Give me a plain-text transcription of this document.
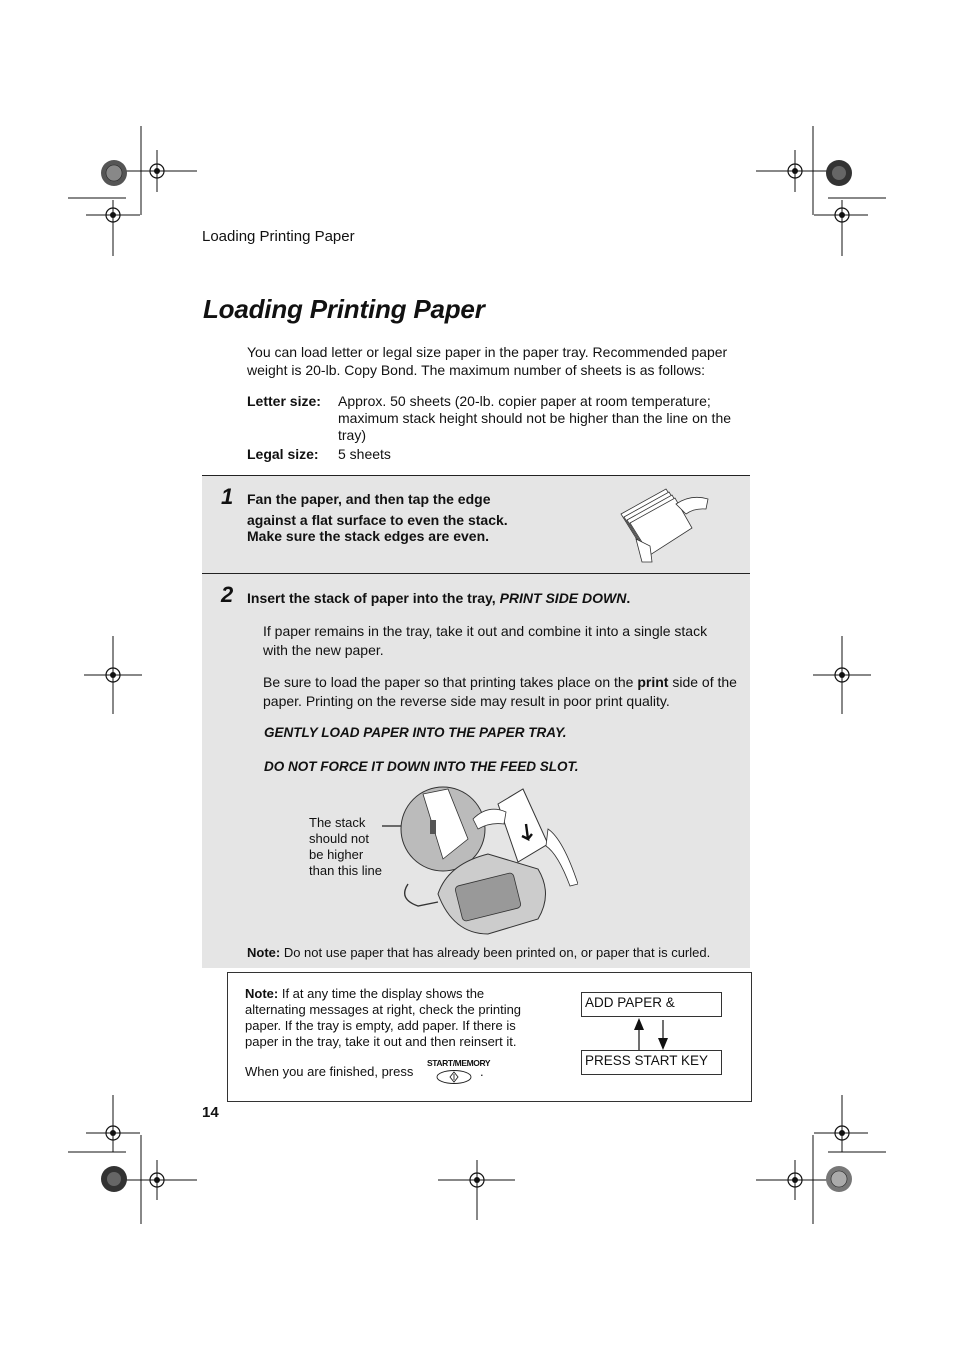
Loading Printing Paper
Loading Printing Paper
You can load letter or legal size paper in the paper tray. Recommended paper weight is 20-lb. Copy Bond. The maximum number of sheets is as follows:
Letter size: Approx. 50 sheets (20-lb. copier paper at room temperature; maximum stack height should not be higher than the line on the tray)
Legal size: 5 sheets
1 Fan the paper, and then tap the edge
against a flat surface to even the stack.
Make sure the stack edges are even.
2 Insert the stack of paper into the tray, PRINT SIDE DOWN.
If paper remains in the tray, take it out and combine it into a single stack with the new paper.
Be sure to load the paper so that printing takes place on the print side of the paper. Printing on the reverse side may result in poor print quality.
GENTLY LOAD PAPER INTO THE PAPER TRAY.
DO NOT FORCE IT DOWN INTO THE FEED SLOT.
The stack
should not
be higher
than this line
Note: Do not use paper that has already been printed on, or paper that is curled.
Note: If at any time the display shows the alternating messages at right, check the printing paper. If the tray is empty, add paper. If there is paper in the tray, take it out and then reinsert it.
When you are finished, press
START/MEMORY
.
ADD PAPER &
PRESS START KEY
14
